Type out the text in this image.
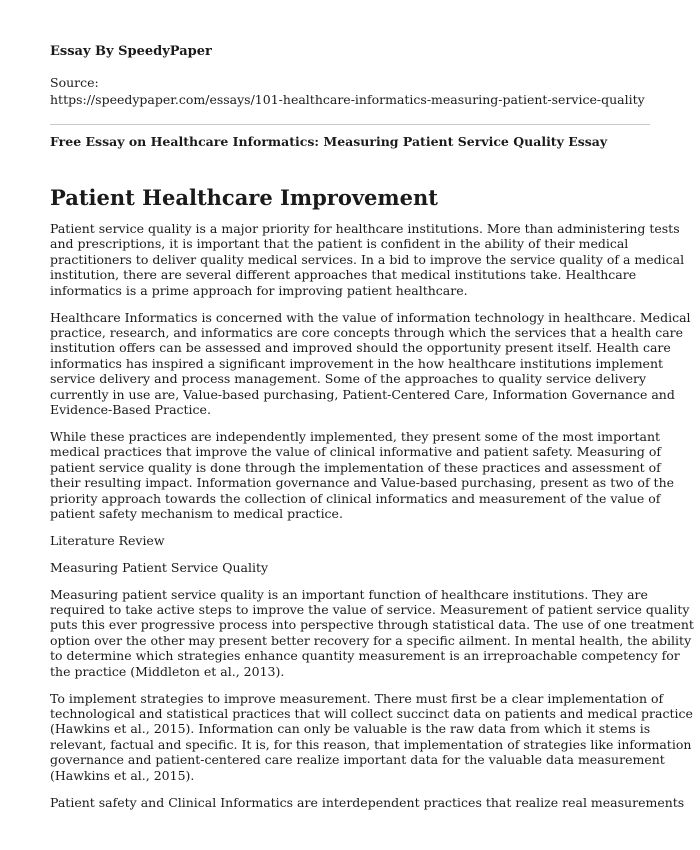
Essay By SpeedyPaper

Source:

https://speedypaper.com/essays/101-healthcare-informatics-measuring-patient-service-quality

Free Essay on Healthcare Informatics: Measuring Patient Service Quality Essay

Patient Healthcare Improvement

Patient service quality is a major priority for healthcare institutions. More than administering tests
and prescriptions, it is important that the patient is confident in the ability of their medical
practitioners to deliver quality medical services. In a bid to improve the service quality of a medical
institution, there are several different approaches that medical institutions take. Healthcare
informatics is a prime approach for improving patient healthcare.

Healthcare Informatics is concerned with the value of information technology in healthcare. Medical
practice, research, and informatics are core concepts through which the services that a health care
institution offers can be assessed and improved should the opportunity present itself. Health care
informatics has inspired a significant improvement in the how healthcare institutions implement
service delivery and process management. Some of the approaches to quality service delivery
currently in use are, Value-based purchasing, Patient-Centered Care, Information Governance and
Evidence-Based Practice.

While these practices are independently implemented, they present some of the most important
medical practices that improve the value of clinical informative and patient safety. Measuring of
patient service quality is done through the implementation of these practices and assessment of
their resulting impact. Information governance and Value-based purchasing, present as two of the
priority approach towards the collection of clinical informatics and measurement of the value of
patient safety mechanism to medical practice.

Literature Review

Measuring Patient Service Quality

Measuring patient service quality is an important function of healthcare institutions. They are
required to take active steps to improve the value of service. Measurement of patient service quality
puts this ever progressive process into perspective through statistical data. The use of one treatment
option over the other may present better recovery for a specific ailment. In mental health, the ability
to determine which strategies enhance quantity measurement is an irreproachable competency for
the practice (Middleton et al., 2013).

To implement strategies to improve measurement. There must first be a clear implementation of
technological and statistical practices that will collect succinct data on patients and medical practice
(Hawkins et al., 2015). Information can only be valuable is the raw data from which it stems is
relevant, factual and specific. It is, for this reason, that implementation of strategies like information
governance and patient-centered care realize important data for the valuable data measurement
(Hawkins et al., 2015).

Patient safety and Clinical Informatics are interdependent practices that realize real measurements
